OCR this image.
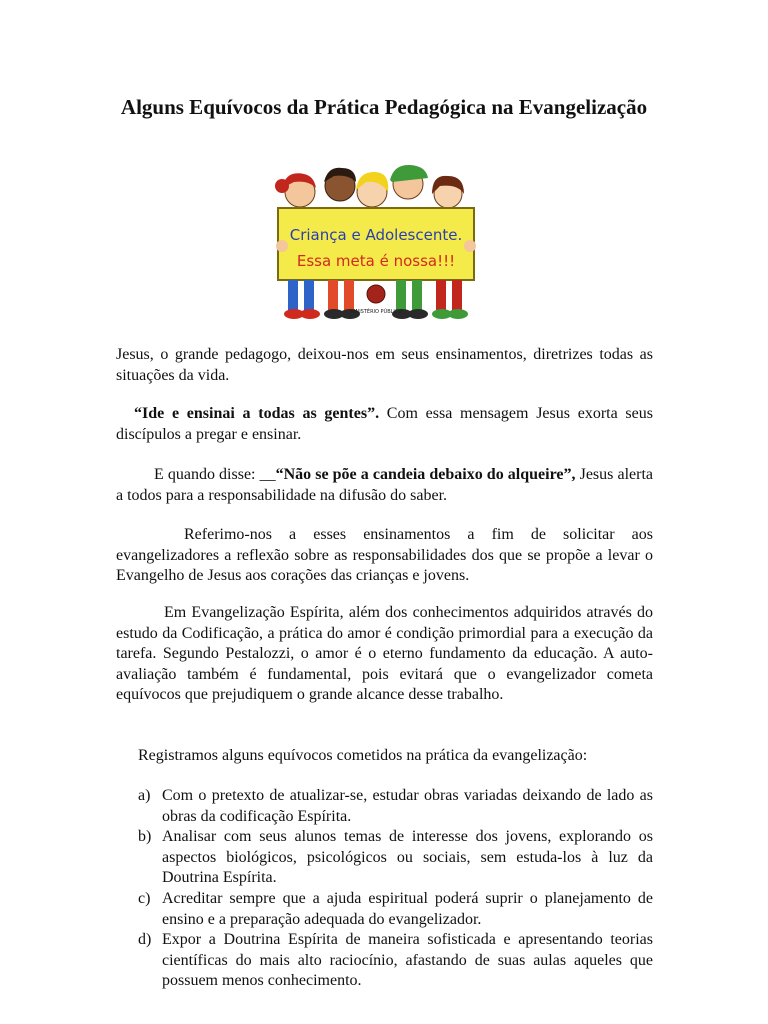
Alguns Equívocos da Prática Pedagógica na Evangelização
Criança e Adolescente.
Essa meta é nossa!!!
MINISTÉRIO PÚBLICO

Jesus, o grande pedagogo, deixou-nos em seus ensinamentos, diretrizes todas as situações da vida.

“Ide e ensinai a todas as gentes”. Com essa mensagem Jesus exorta seus discípulos a pregar e ensinar.

E quando disse: __“Não se põe a candeia debaixo do alqueire”, Jesus alerta a todos para a responsabilidade na difusão do saber.

Referimo-nos a esses ensinamentos a fim de solicitar aos evangelizadores a reflexão sobre as responsabilidades dos que se propõe a levar o Evangelho de Jesus aos corações das crianças e jovens.

Em Evangelização Espírita, além dos conhecimentos adquiridos através do estudo da Codificação, a prática do amor é condição primordial para a execução da tarefa. Segundo Pestalozzi, o amor é o eterno fundamento da educação. A auto-avaliação também é fundamental, pois evitará que o evangelizador cometa equívocos que prejudiquem o grande alcance desse trabalho.

Registramos alguns equívocos cometidos na prática da evangelização:

a) Com o pretexto de atualizar-se, estudar obras variadas deixando de lado as obras da codificação Espírita.
b) Analisar com seus alunos temas de interesse dos jovens, explorando os aspectos biológicos, psicológicos ou sociais, sem estuda-los à luz da Doutrina Espírita.
c) Acreditar sempre que a ajuda espiritual poderá suprir o planejamento de ensino e a preparação adequada do evangelizador.
d) Expor a Doutrina Espírita de maneira sofisticada e apresentando teorias científicas do mais alto raciocínio, afastando de suas aulas aqueles que possuem menos conhecimento.
